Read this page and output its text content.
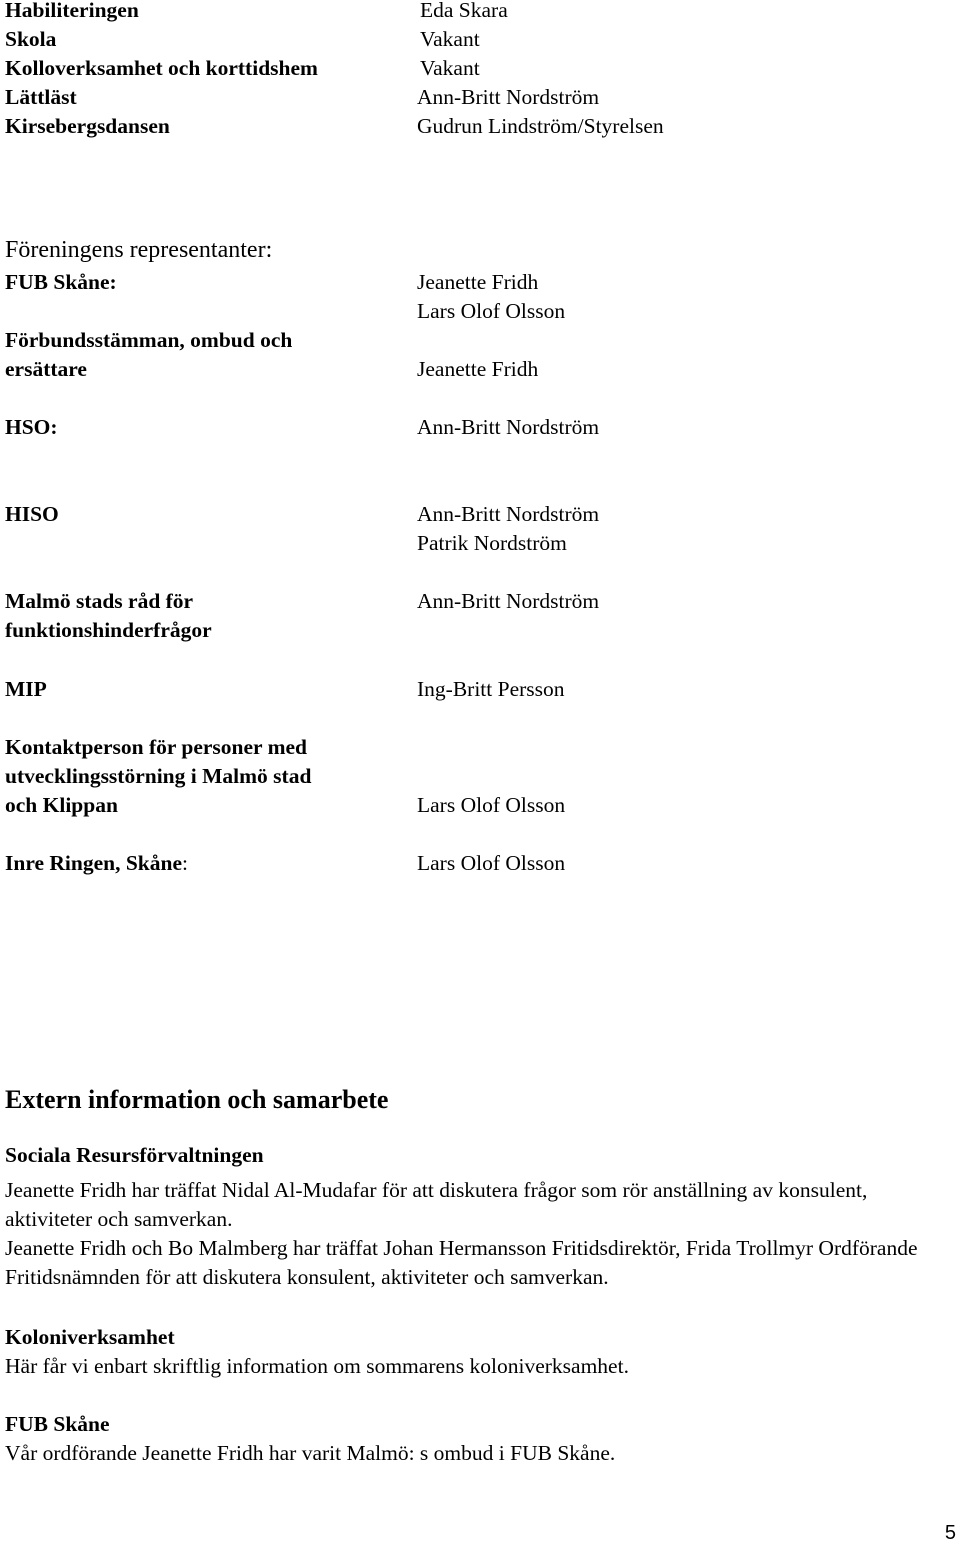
Habiliteringen	Eda Skara
Skola	Vakant
Kolloverksamhet och korttidshem	Vakant
Lättläst	Ann-Britt Nordström
Kirsebergsdansen	Gudrun Lindström/Styrelsen
Föreningens representanter:
FUB Skåne:	Jeanette Fridh
Lars Olof Olsson
Förbundsstämman, ombud och
ersättare	Jeanette Fridh
HSO:	Ann-Britt Nordström
HISO	Ann-Britt Nordström
Patrik Nordström
Malmö stads råd för	Ann-Britt Nordström
funktionshinderfrågor
MIP	Ing-Britt Persson
Kontaktperson för personer med
utvecklingsstörning i Malmö stad
och Klippan	Lars Olof Olsson
Inre Ringen, Skåne:	Lars Olof Olsson
Extern information och samarbete
Sociala Resursförvaltningen
Jeanette Fridh har träffat Nidal Al-Mudafar för att diskutera frågor som rör anställning av konsulent, aktiviteter och samverkan.
Jeanette Fridh och Bo Malmberg har träffat Johan Hermansson Fritidsdirektör, Frida Trollmyr Ordförande Fritidsnämnden för att diskutera konsulent, aktiviteter och samverkan.
Koloniverksamhet
Här får vi enbart skriftlig information om sommarens koloniverksamhet.
FUB Skåne
Vår ordförande Jeanette Fridh har varit Malmö: s ombud i FUB Skåne.
5
